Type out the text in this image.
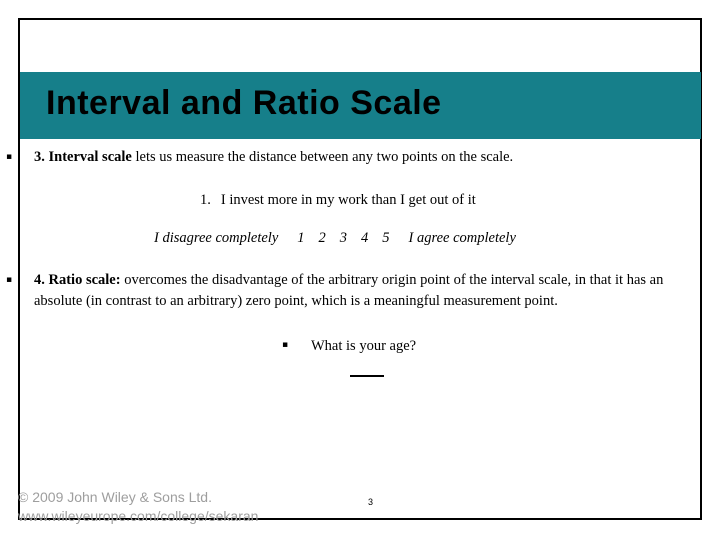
Interval and Ratio Scale
▪ 3. Interval scale lets us measure the distance between any two points on the scale.

1. I invest more in my work than I get out of it

I disagree completely 1 2 3 4 5 I agree completely
▪ 4. Ratio scale: overcomes the disadvantage of the arbitrary origin point of the interval scale, in that it has an absolute (in contrast to an arbitrary) zero point, which is a meaningful measurement point.

▪ What is your age?

© 2009 John Wiley & Sons Ltd.
www.wileyeurope.com/college/sekaran
3
